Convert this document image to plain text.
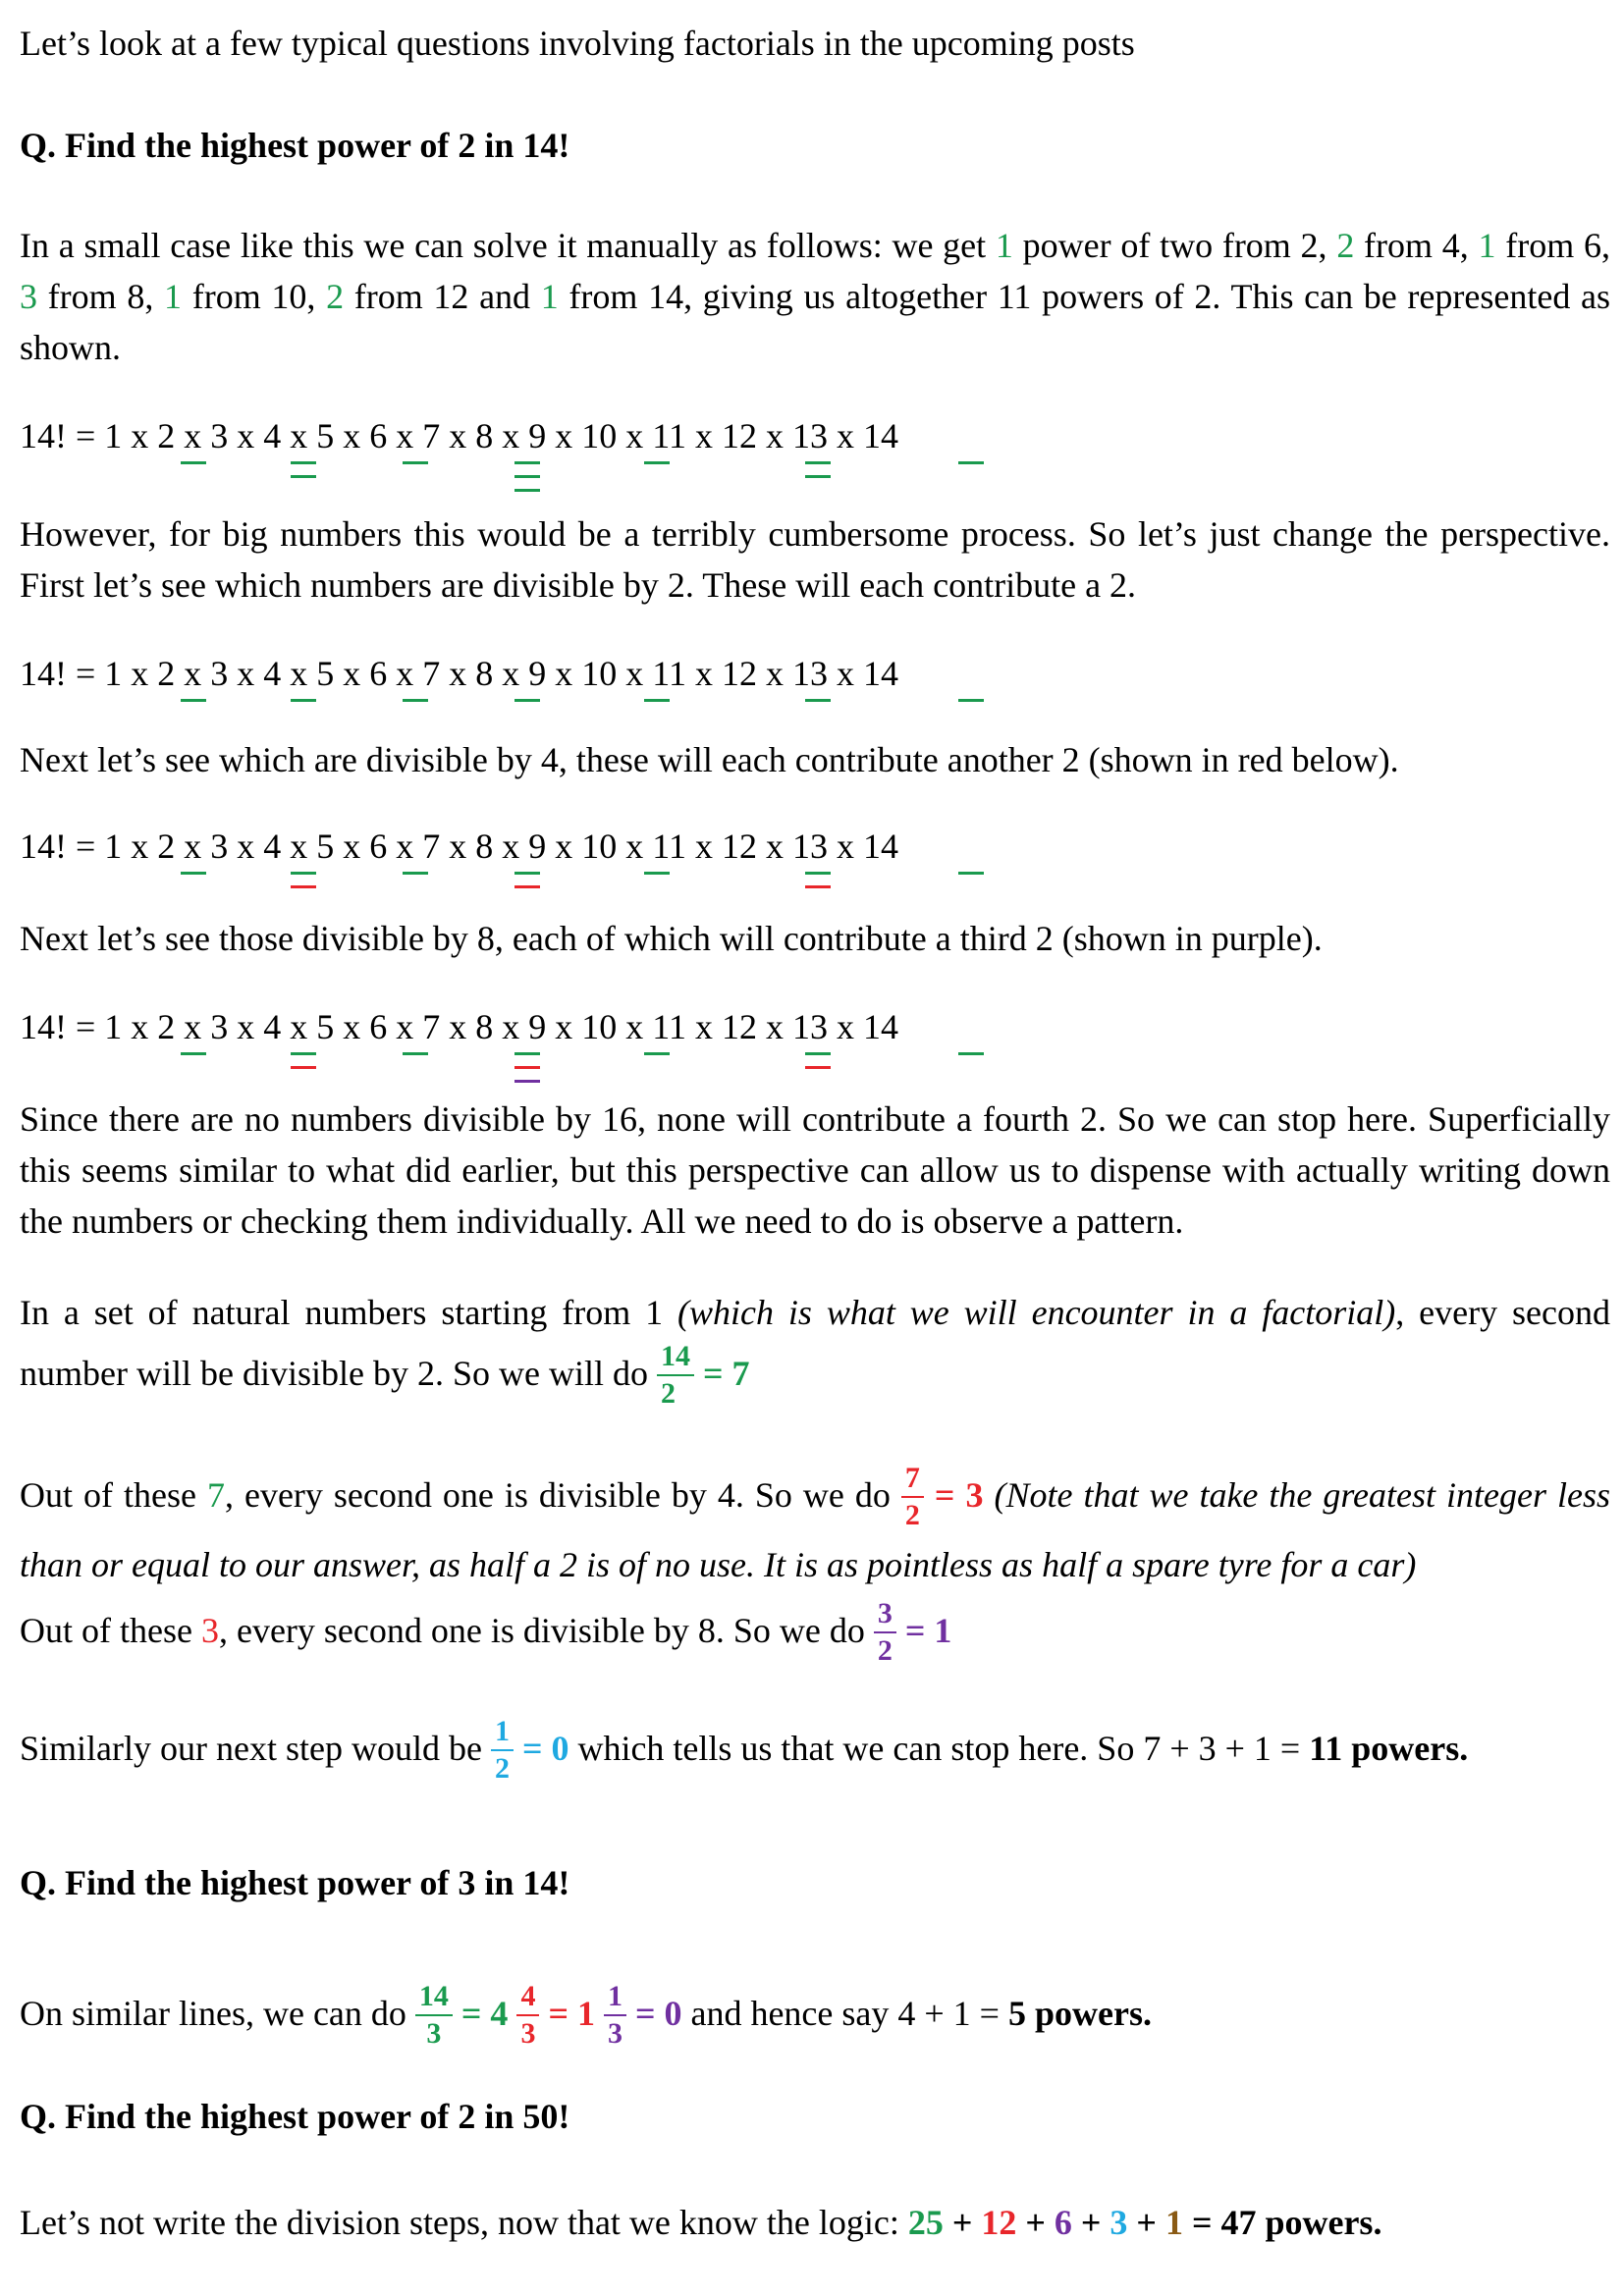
Let’s look at a few typical questions involving factorials in the upcoming posts
Q. Find the highest power of 2 in 14!
In a small case like this we can solve it manually as follows: we get 1 power of two from 2, 2 from 4, 1 from 6, 3 from 8, 1 from 10, 2 from 12 and 1 from 14, giving us altogether 11 powers of 2. This can be represented as shown.
14! = 1 x 2 x 3 x 4 x 5 x 6 x 7 x 8 x 9 x 10 x 11 x 12 x 13 x 14
However, for big numbers this would be a terribly cumbersome process. So let’s just change the perspective. First let’s see which numbers are divisible by 2. These will each contribute a 2.
14! = 1 x 2 x 3 x 4 x 5 x 6 x 7 x 8 x 9 x 10 x 11 x 12 x 13 x 14
Next let’s see which are divisible by 4, these will each contribute another 2 (shown in red below).
14! = 1 x 2 x 3 x 4 x 5 x 6 x 7 x 8 x 9 x 10 x 11 x 12 x 13 x 14
Next let’s see those divisible by 8, each of which will contribute a third 2 (shown in purple).
14! = 1 x 2 x 3 x 4 x 5 x 6 x 7 x 8 x 9 x 10 x 11 x 12 x 13 x 14
Since there are no numbers divisible by 16, none will contribute a fourth 2. So we can stop here. Superficially this seems similar to what did earlier, but this perspective can allow us to dispense with actually writing down the numbers or checking them individually. All we need to do is observe a pattern.
In a set of natural numbers starting from 1 (which is what we will encounter in a factorial), every second number will be divisible by 2. So we will do $\frac{14}{2} = 7$
Out of these 7, every second one is divisible by 4. So we do $\frac{7}{2} = 3$ (Note that we take the greatest integer less than or equal to our answer, as half a 2 is of no use. It is as pointless as half a spare tyre for a car)
Out of these 3, every second one is divisible by 8. So we do $\frac{3}{2} = 1$
Similarly our next step would be $\frac{1}{2} = 0$ which tells us that we can stop here. So 7 + 3 + 1 = 11 powers.
Q. Find the highest power of 3 in 14!
On similar lines, we can do $\frac{14}{3} = 4 \frac{4}{3} = 1 \frac{1}{3} = 0$ and hence say 4 + 1 = 5 powers.
Q. Find the highest power of 2 in 50!
Let’s not write the division steps, now that we know the logic: 25 + 12 + 6 + 3 + 1 = 47 powers.
